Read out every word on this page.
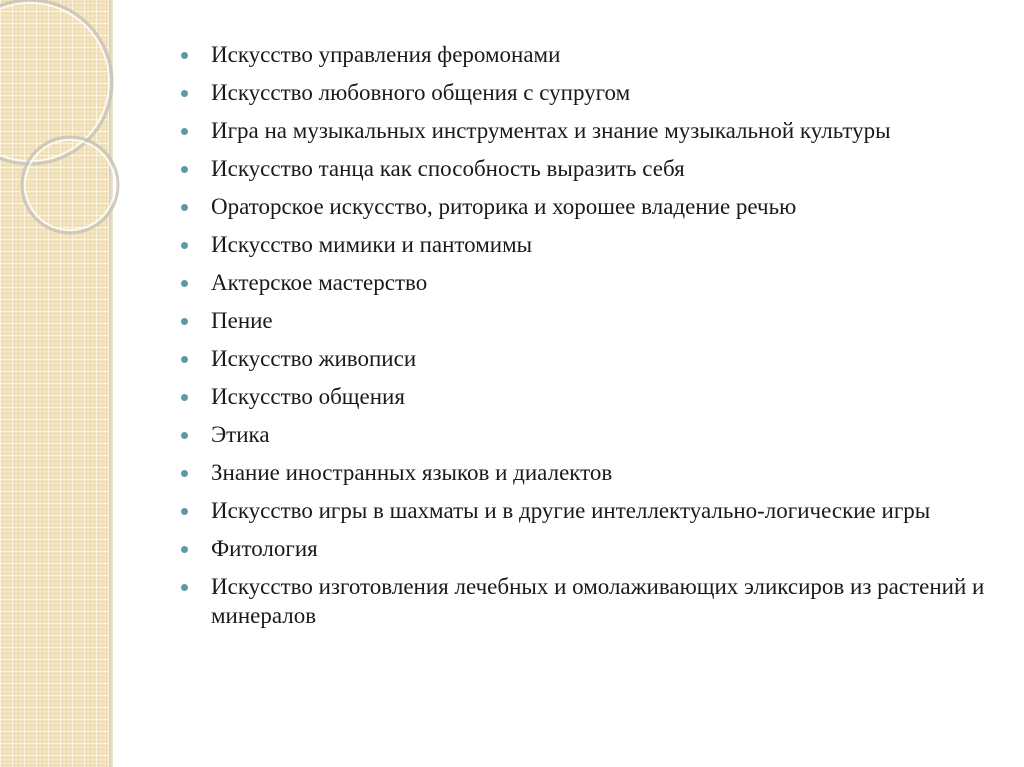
Искусство управления феромонами
Искусство любовного общения с супругом
Игра на музыкальных инструментах и знание музыкальной культуры
Искусство танца как способность выразить себя
Ораторское искусство, риторика и хорошее владение речью
Искусство мимики и пантомимы
Актерское мастерство
Пение
Искусство живописи
Искусство общения
Этика
Знание иностранных языков и диалектов
Искусство игры в шахматы и в другие интеллектуально-логические игры
Фитология
Искусство изготовления лечебных и омолаживающих эликсиров из растений и минералов
